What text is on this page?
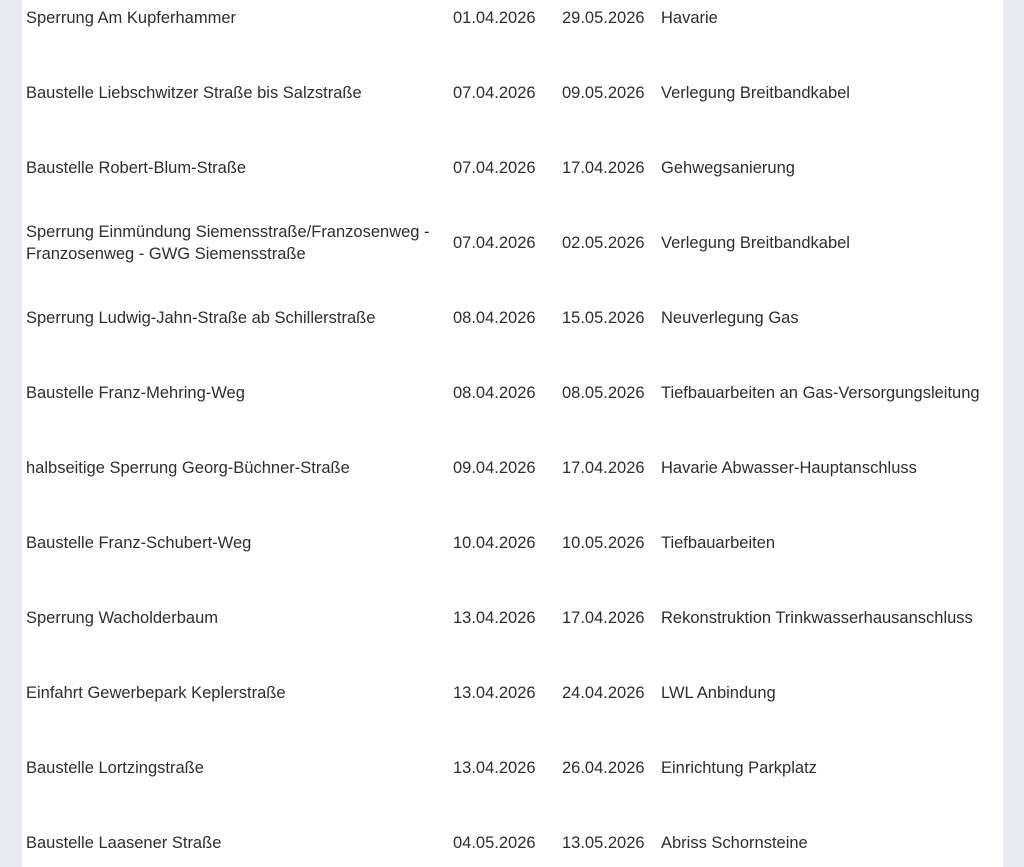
Sperrung Am Kupferhammer	01.04.2026	29.05.2026	Havarie
Baustelle Liebschwitzer Straße bis Salzstraße	07.04.2026	09.05.2026	Verlegung Breitbandkabel
Baustelle Robert-Blum-Straße	07.04.2026	17.04.2026	Gehwegsanierung
Sperrung Einmündung Siemensstraße/Franzosenweg - Franzosenweg - GWG Siemensstraße	07.04.2026	02.05.2026	Verlegung Breitbandkabel
Sperrung Ludwig-Jahn-Straße ab Schillerstraße	08.04.2026	15.05.2026	Neuverlegung Gas
Baustelle Franz-Mehring-Weg	08.04.2026	08.05.2026	Tiefbauarbeiten an Gas-Versorgungsleitung
halbseitige Sperrung Georg-Büchner-Straße	09.04.2026	17.04.2026	Havarie Abwasser-Hauptanschluss
Baustelle Franz-Schubert-Weg	10.04.2026	10.05.2026	Tiefbauarbeiten
Sperrung Wacholderbaum	13.04.2026	17.04.2026	Rekonstruktion Trinkwasserhausanschluss
Einfahrt Gewerbepark Keplerstraße	13.04.2026	24.04.2026	LWL Anbindung
Baustelle Lortzingstraße	13.04.2026	26.04.2026	Einrichtung Parkplatz
Baustelle Laasener Straße	04.05.2026	13.05.2026	Abriss Schornsteine
